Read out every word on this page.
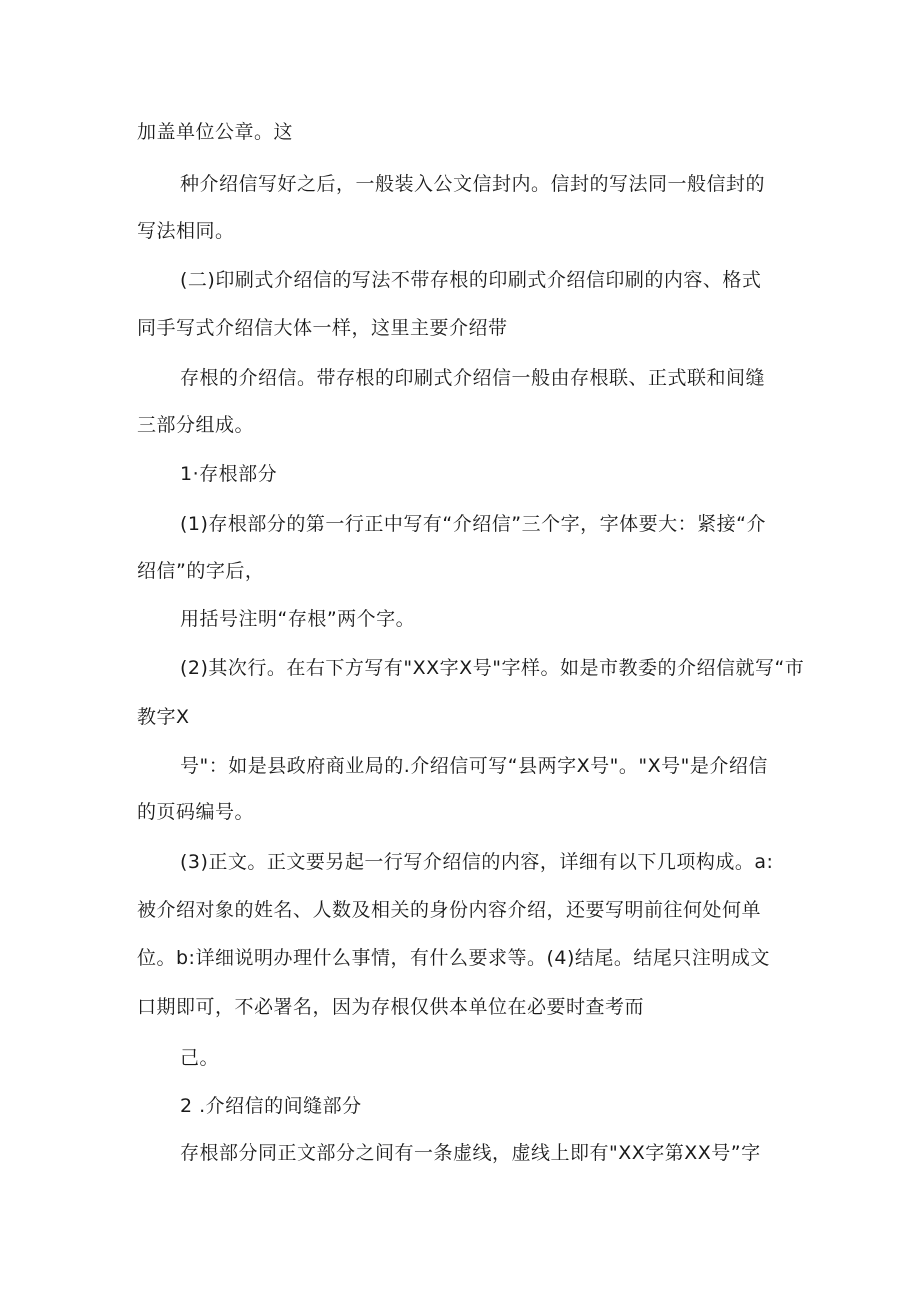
加盖单位公章。这
种介绍信写好之后，一般装入公文信封内。信封的写法同一般信封的
写法相同。
(二)印刷式介绍信的写法不带存根的印刷式介绍信印刷的内容、格式
同手写式介绍信大体一样，这里主要介绍带
存根的介绍信。带存根的印刷式介绍信一般由存根联、正式联和间缝
三部分组成。
1·存根部分
(1)存根部分的第一行正中写有“介绍信”三个字，字体要大：紧接“介
绍信”的字后，
用括号注明“存根”两个字。
(2)其次行。在右下方写有"XX字X号"字样。如是市教委的介绍信就写“市
教字X
号"：如是县政府商业局的.介绍信可写“县两字X号"。"X号"是介绍信
的页码编号。
(3)正文。正文要另起一行写介绍信的内容，详细有以下几项构成。a:
被介绍对象的姓名、人数及相关的身份内容介绍，还要写明前往何处何单
位。b:详细说明办理什么事情，有什么要求等。(4)结尾。结尾只注明成文
口期即可，不必署名，因为存根仅供本单位在必要时查考而
己。
2 .介绍信的间缝部分
存根部分同正文部分之间有一条虚线，虚线上即有"XX字第XX号”字
